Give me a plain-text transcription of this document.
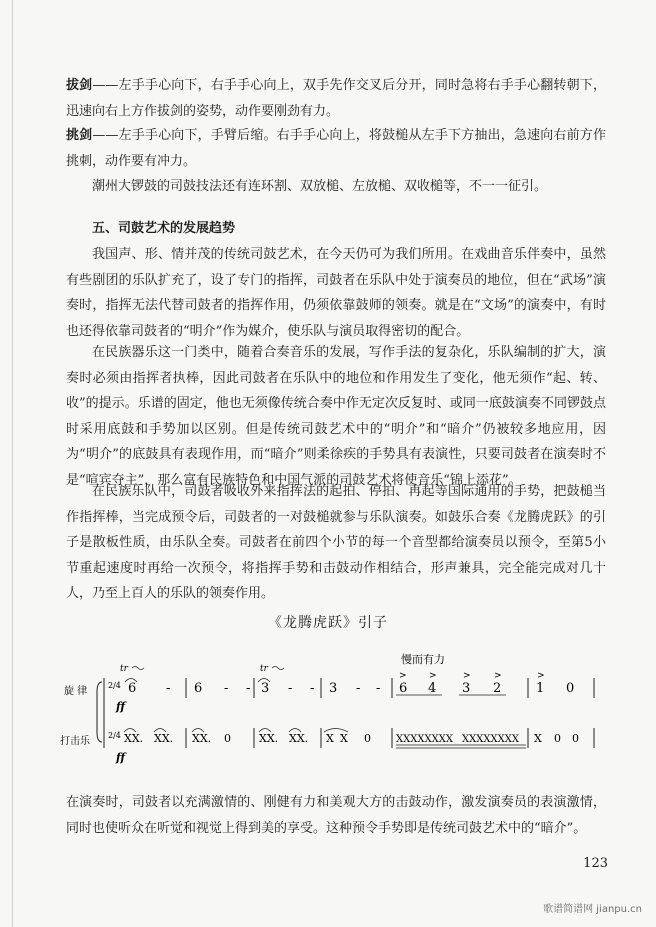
拔剑——左手手心向下，右手手心向上，双手先作交叉后分开，同时急将右手手心翻转朝下，迅速向右上方作拔剑的姿势，动作要刚劲有力。
挑剑——左手手心向下，手臂后缩。右手手心向上，将鼓槌从左手下方抽出，急速向右前方作挑刺，动作要有冲力。
潮州大锣鼓的司鼓技法还有连环割、双放槌、左放槌、双收槌等，不一一征引。
五、司鼓艺术的发展趋势
我国声、形、情并茂的传统司鼓艺术，在今天仍可为我们所用。在戏曲音乐伴奏中，虽然有些剧团的乐队扩充了，设了专门的指挥，司鼓者在乐队中处于演奏员的地位，但在“武场”演奏时，指挥无法代替司鼓者的指挥作用，仍须依靠鼓师的领奏。就是在“文场”的演奏中，有时也还得依靠司鼓者的“明介”作为媒介，使乐队与演员取得密切的配合。
在民族器乐这一门类中，随着合奏音乐的发展，写作手法的复杂化，乐队编制的扩大，演奏时必须由指挥者执棒，因此司鼓者在乐队中的地位和作用发生了变化，他无须作“起、转、收”的提示。乐谱的固定，他也无须像传统合奏中作无定次反复时、或同一底鼓演奏不同锣鼓点时采用底鼓和手势加以区别。但是传统司鼓艺术中的“明介”和“暗介”仍被较多地应用，因为“明介”的底鼓具有表现作用，而“暗介”则柔徐疾的手势具有表演性，只要司鼓者在演奏时不是“喧宾夺主”，那么富有民族特色和中国气派的司鼓艺术将使音乐“锦上添花”。
在民族乐队中，司鼓者吸收外来指挥法的起拍、停拍、再起等国际通用的手势，把鼓槌当作指挥棒，当完成预令后，司鼓者的一对鼓槌就参与乐队演奏。如鼓乐合奏《龙腾虎跃》的引子是散板性质，由乐队全奏。司鼓者在前四个小节的每一个音型都给演奏员以预令，至第5小节重起速度时再给一次预令，将指挥手势和击鼓动作相结合，形声兼具，完全能完成对几十人，乃至上百人的乐队的领奏作用。
《龙腾虎跃》引子
慢而有力
tr	tr
> >	>	>	>
旋 律
打击乐
2/4
2/4
ff
ff
6 - 6 - - 3 - - 3 - - 6 4 3 2	1 0
XX. XX. XX. 0	XX. XX. X X 0	XXXXXXXX XXXXXXXX X 0 0
在演奏时，司鼓者以充满激情的、刚健有力和美观大方的击鼓动作，激发演奏员的表演激情，同时也使听众在听觉和视觉上得到美的享受。这种预令手势即是传统司鼓艺术中的“暗介”。
123
歌谱简谱网 jianpu.cn
